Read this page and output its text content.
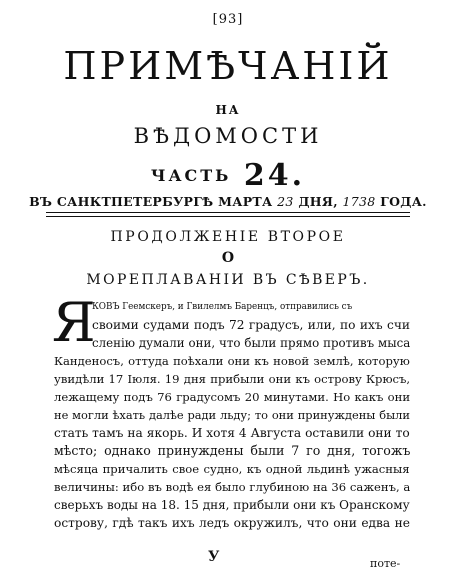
[93]
ПРИМѢЧАНІЙ
НА
ВѢДОМОСТИ
ЧАСТЬ 24.
ВЪ САНКТПЕТЕРБУРГѢ МАРТА 23 ДНЯ, 1738 ГОДА.
ПРОДОЛЖЕНІЕ ВТОРОЕ
О
МОРЕПЛАВАНІИ ВЪ СѢВЕРЪ.
Я
КОВЪ Геемскеръ, и Гвилелмъ Баренцъ, отправились съ
своими судами подъ 72 градусъ, или, по ихъ счи
сленію думали они, что были прямо противъ мыса
Канденосъ, оттуда поѣхали они къ новой землѣ, которую
увидѣли 17 Іюля. 19 дня прибыли они къ острову Крюсъ,
лежащему подъ 76 градусомъ 20 минутами. Но какъ они
не могли ѣхать далѣе ради льду; то они принуждены были
стать тамъ на якорь. И хотя 4 Августа оставили они то
мѣсто; однако принуждены были 7 го дня, тогожъ
мѣсяца причалить свое судно, къ одной льдинѣ ужасныя
величины: ибо въ водѣ ея было глубиною на 36 саженъ, а
сверьхъ воды на 18. 15 дня, прибыли они къ Оранскому
острову, гдѣ такъ ихъ ледъ окружилъ, что они едва не
У	поте-
